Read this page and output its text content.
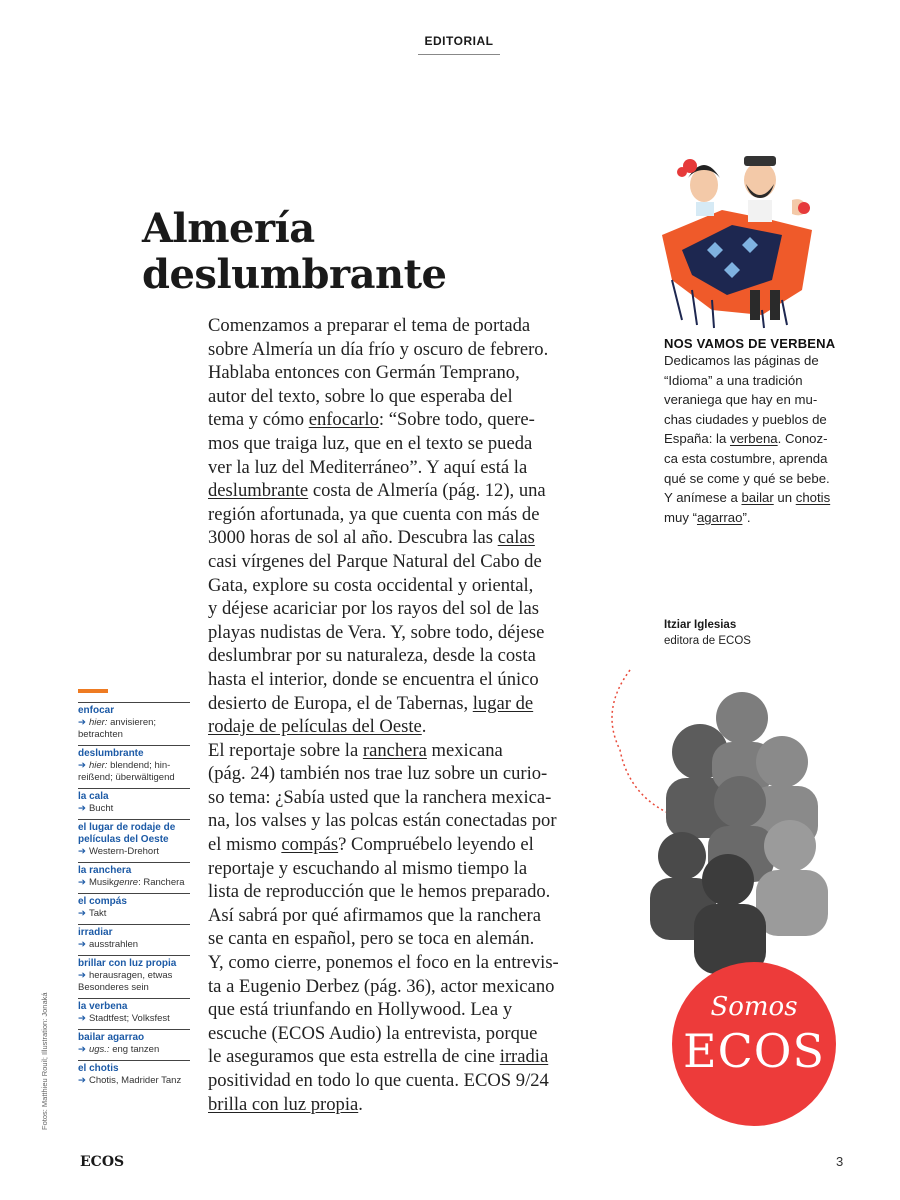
EDITORIAL
Almería
deslumbrante
Comenzamos a preparar el tema de portada
sobre Almería un día frío y oscuro de febrero.
Hablaba entonces con Germán Temprano,
autor del texto, sobre lo que esperaba del
tema y cómo enfocarlo: “Sobre todo, quere-
mos que traiga luz, que en el texto se pueda
ver la luz del Mediterráneo”. Y aquí está la
deslumbrante costa de Almería (pág. 12), una
región afortunada, ya que cuenta con más de
3000 horas de sol al año. Descubra las calas
casi vírgenes del Parque Natural del Cabo de
Gata, explore su costa occidental y oriental,
y déjese acariciar por los rayos del sol de las
playas nudistas de Vera. Y, sobre todo, déjese
deslumbrar por su naturaleza, desde la costa
hasta el interior, donde se encuentra el único
desierto de Europa, el de Tabernas, lugar de
rodaje de películas del Oeste.
El reportaje sobre la ranchera mexicana
(pág. 24) también nos trae luz sobre un curio-
so tema: ¿Sabía usted que la ranchera mexica-
na, los valses y las polcas están conectadas por
el mismo compás? Compruébelo leyendo el
reportaje y escuchando al mismo tiempo la
lista de reproducción que le hemos preparado.
Así sabrá por qué afirmamos que la ranchera
se canta en español, pero se toca en alemán.
Y, como cierre, ponemos el foco en la entrevis-
ta a Eugenio Derbez (pág. 36), actor mexicano
que está triunfando en Hollywood. Lea y
escuche (ECOS Audio) la entrevista, porque
le aseguramos que esta estrella de cine irradia
positividad en todo lo que cuenta. ECOS 9/24
brilla con luz propia.
enfocar
➔ hier: anvisieren;
betrachten
deslumbrante
➔ hier: blendend; hin-
reißend; überwältigend
la cala
➔ Bucht
el lugar de rodaje de
películas del Oeste
➔ Western-Drehort
la ranchera
➔ Musikgenre: Ranchera
el compás
➔ Takt
irradiar
➔ ausstrahlen
brillar con luz propia
➔ herausragen, etwas
Besonderes sein
la verbena
➔ Stadtfest; Volksfest
bailar agarrao
➔ ugs.: eng tanzen
el chotis
➔ Chotis, Madrider Tanz
Fotos: Matthieu Rouil; Illustration: Jonaká
NOS VAMOS DE VERBENA
Dedicamos las páginas de
“Idioma” a una tradición
veraniega que hay en mu-
chas ciudades y pueblos de
España: la verbena. Conoz-
ca esta costumbre, aprenda
qué se come y qué se bebe.
Y anímese a bailar un chotis
muy “agarrao”.
Itziar Iglesias
editora de ECOS
Somos
ECOS
ECOS	3
